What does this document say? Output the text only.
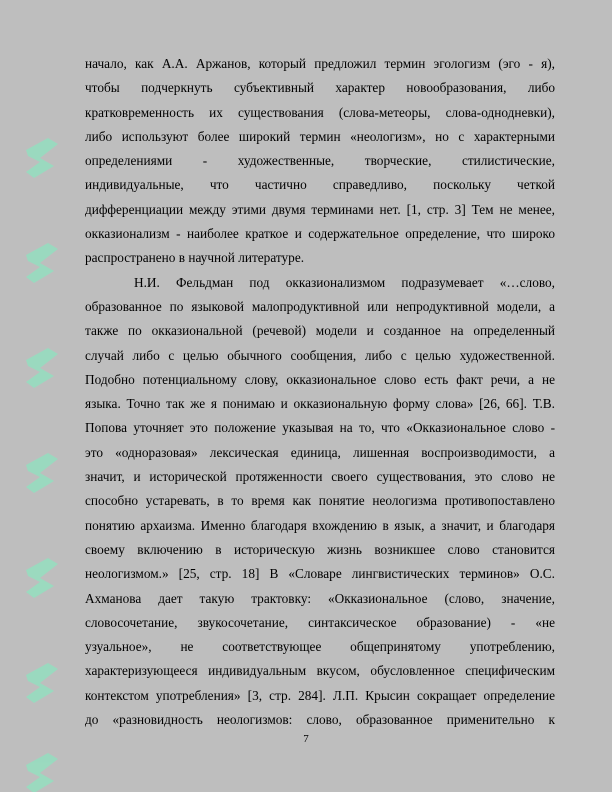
начало, как А.А. Аржанов, который предложил термин эгологизм (эго - я),
чтобы подчеркнуть субъективный характер новообразования, либо
кратковременность их существования (слова-метеоры, слова-однодневки),
либо используют более широкий термин «неологизм», но с характерными
определениями - художественные, творческие, стилистические,
индивидуальные, что частично справедливо, поскольку четкой
дифференциации между этими двумя терминами нет. [1, стр. 3] Тем не менее,
окказионализм - наиболее краткое и содержательное определение, что широко
распространено в научной литературе.
Н.И. Фельдман под окказионализмом подразумевает «…слово,
образованное по языковой малопродуктивной или непродуктивной модели, а
также по окказиональной (речевой) модели и созданное на определенный
случай либо с целью обычного сообщения, либо с целью художественной.
Подобно потенциальному слову, окказиональное слово есть факт речи, а не
языка. Точно так же я понимаю и окказиональную форму слова» [26, 66]. Т.В.
Попова уточняет это положение указывая на то, что «Окказиональное слово -
это «одноразовая» лексическая единица, лишенная воспроизводимости, а
значит, и исторической протяженности своего существования, это слово не
способно устаревать, в то время как понятие неологизма противопоставлено
понятию архаизма. Именно благодаря вхождению в язык, а значит, и благодаря
своему включению в историческую жизнь возникшее слово становится
неологизмом.» [25, стр. 18] В «Словаре лингвистических терминов» О.С.
Ахманова дает такую трактовку: «Окказиональное (слово, значение,
словосочетание, звукосочетание, синтаксическое образование) - «не
узуальное», не соответствующее общепринятому употреблению,
характеризующееся индивидуальным вкусом, обусловленное специфическим
контекстом употребления» [3, стр. 284]. Л.П. Крысин сокращает определение
до «разновидность неологизмов: слово, образованное применительно к
7
